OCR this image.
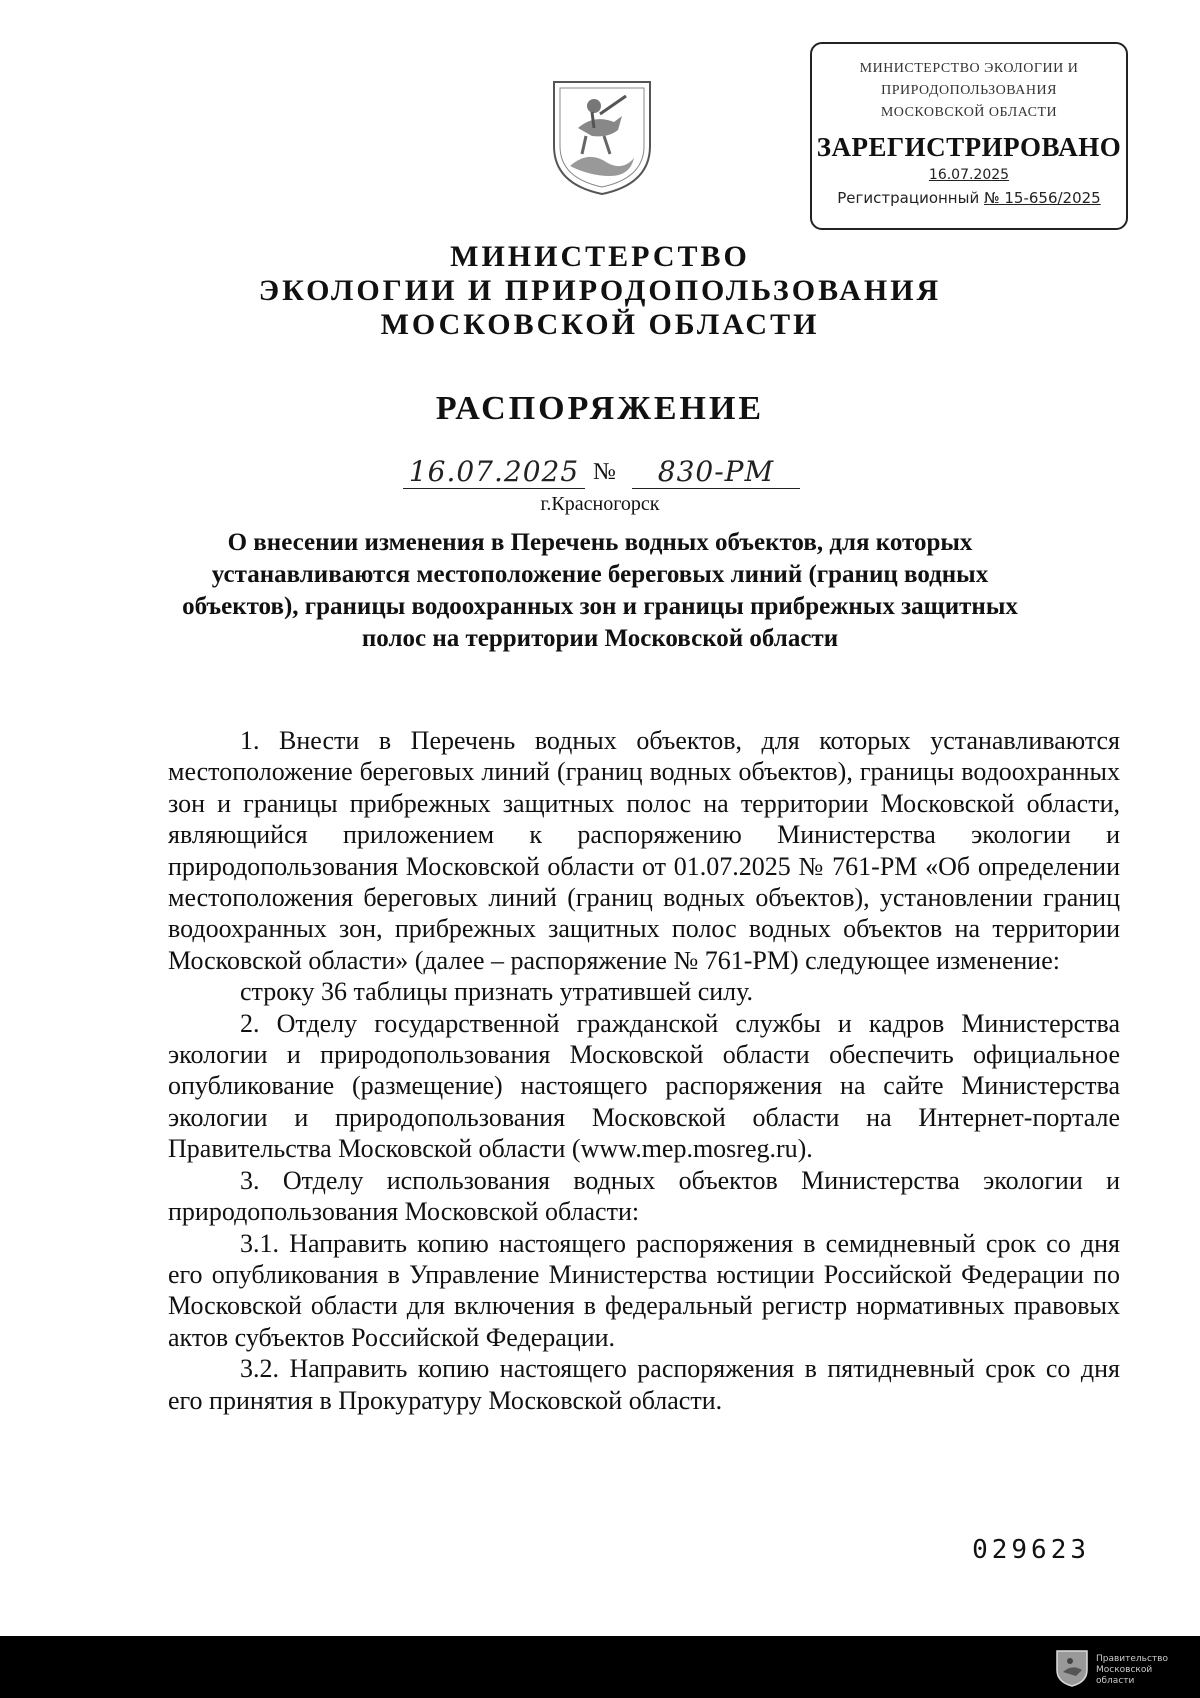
МИНИСТЕРСТВО ЭКОЛОГИИ И
ПРИРОДОПОЛЬЗОВАНИЯ
МОСКОВСКОЙ ОБЛАСТИ
ЗАРЕГИСТРИРОВАНО
16.07.2025
Регистрационный № 15-656/2025
МИНИСТЕРСТВО
ЭКОЛОГИИ И ПРИРОДОПОЛЬЗОВАНИЯ
МОСКОВСКОЙ ОБЛАСТИ
РАСПОРЯЖЕНИЕ
16.07.2025 №	830-РМ
г.Красногорск
О внесении изменения в Перечень водных объектов, для которых устанавливаются местоположение береговых линий (границ водных объектов), границы водоохранных зон и границы прибрежных защитных полос на территории Московской области

1. Внести в Перечень водных объектов, для которых устанавливаются местоположение береговых линий (границ водных объектов), границы водоохранных зон и границы прибрежных защитных полос на территории Московской области, являющийся приложением к распоряжению Министерства экологии и природопользования Московской области от 01.07.2025 № 761-РМ «Об определении местоположения береговых линий (границ водных объектов), установлении границ водоохранных зон, прибрежных защитных полос водных объектов на территории Московской области» (далее – распоряжение № 761-РМ) следующее изменение:

строку 36 таблицы признать утратившей силу.

2. Отделу государственной гражданской службы и кадров Министерства экологии и природопользования Московской области обеспечить официальное опубликование (размещение) настоящего распоряжения на сайте Министерства экологии и природопользования Московской области на Интернет-портале Правительства Московской области (www.mep.mosreg.ru).

3. Отделу использования водных объектов Министерства экологии и природопользования Московской области:

3.1. Направить копию настоящего распоряжения в семидневный срок со дня его опубликования в Управление Министерства юстиции Российской Федерации по Московской области для включения в федеральный регистр нормативных правовых актов субъектов Российской Федерации.

3.2. Направить копию настоящего распоряжения в пятидневный срок со дня его принятия в Прокуратуру Московской области.

029623
Правительство Московской области
